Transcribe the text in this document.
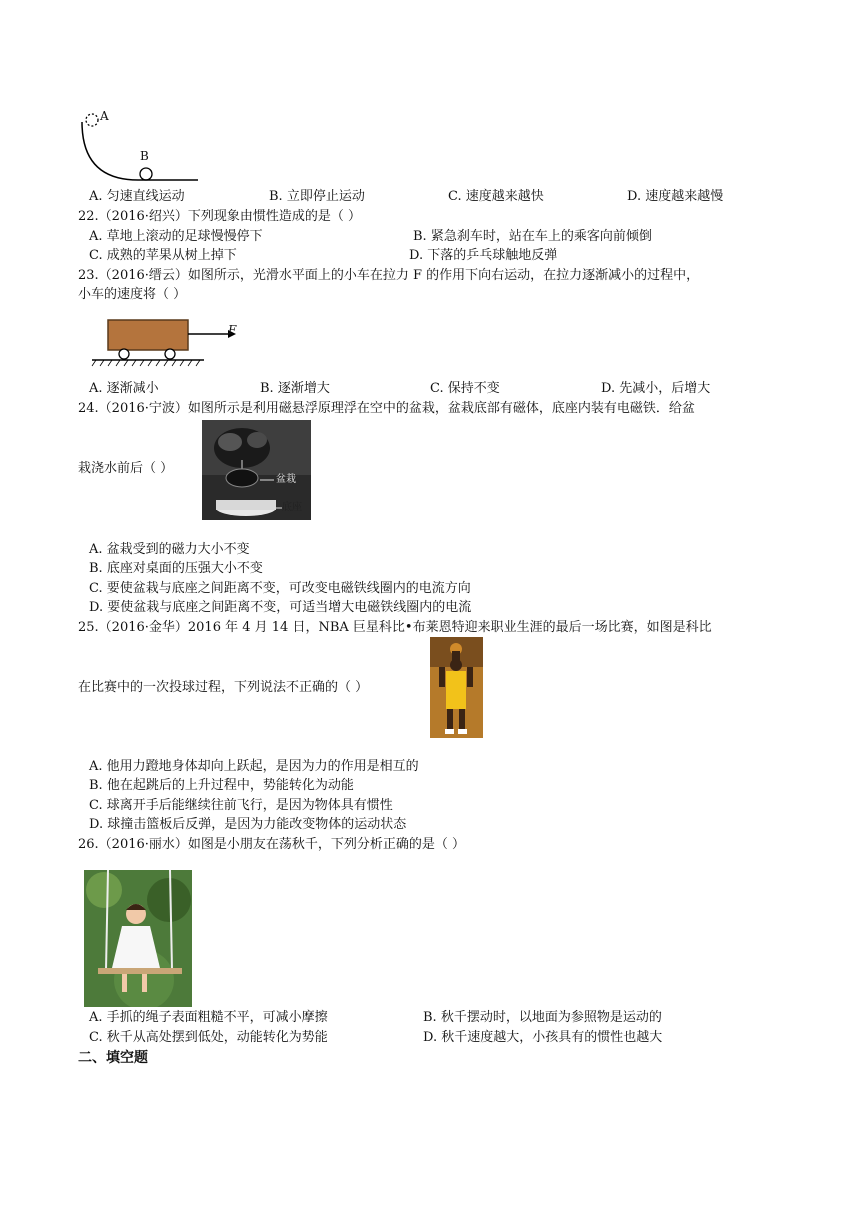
A
B
A. 匀速直线运动	B. 立即停止运动	C. 速度越来越快	D. 速度越来越慢
22.（2016·绍兴）下列现象由惯性造成的是（ ）
A. 草地上滚动的足球慢慢停下	B. 紧急刹车时，站在车上的乘客向前倾倒
C. 成熟的苹果从树上掉下	D. 下落的乒乓球触地反弹
23.（2016·缙云）如图所示，光滑水平面上的小车在拉力 F 的作用下向右运动，在拉力逐渐减小的过程中，
小车的速度将（ ）
F
A. 逐渐减小	B. 逐渐增大	C. 保持不变	D. 先减小，后增大
24.（2016·宁波）如图所示是利用磁悬浮原理浮在空中的盆栽，盆栽底部有磁体，底座内装有电磁铁．给盆
盆栽
底座
栽浇水前后（ ）
A. 盆栽受到的磁力大小不变
B. 底座对桌面的压强大小不变
C. 要使盆栽与底座之间距离不变，可改变电磁铁线圈内的电流方向
D. 要使盆栽与底座之间距离不变，可适当增大电磁铁线圈内的电流
25.（2016·金华）2016 年 4 月 14 日，NBA 巨星科比•布莱恩特迎来职业生涯的最后一场比赛，如图是科比
在比赛中的一次投球过程，下列说法不正确的（ ）
A. 他用力蹬地身体却向上跃起，是因为力的作用是相互的
B. 他在起跳后的上升过程中，势能转化为动能
C. 球离开手后能继续往前飞行，是因为物体具有惯性
D. 球撞击篮板后反弹，是因为力能改变物体的运动状态
26.（2016·丽水）如图是小朋友在荡秋千，下列分析正确的是（ ）
A. 手抓的绳子表面粗糙不平，可减小摩擦	B. 秋千摆动时，以地面为参照物是运动的
C. 秋千从高处摆到低处，动能转化为势能	D. 秋千速度越大，小孩具有的惯性也越大
二、填空题
